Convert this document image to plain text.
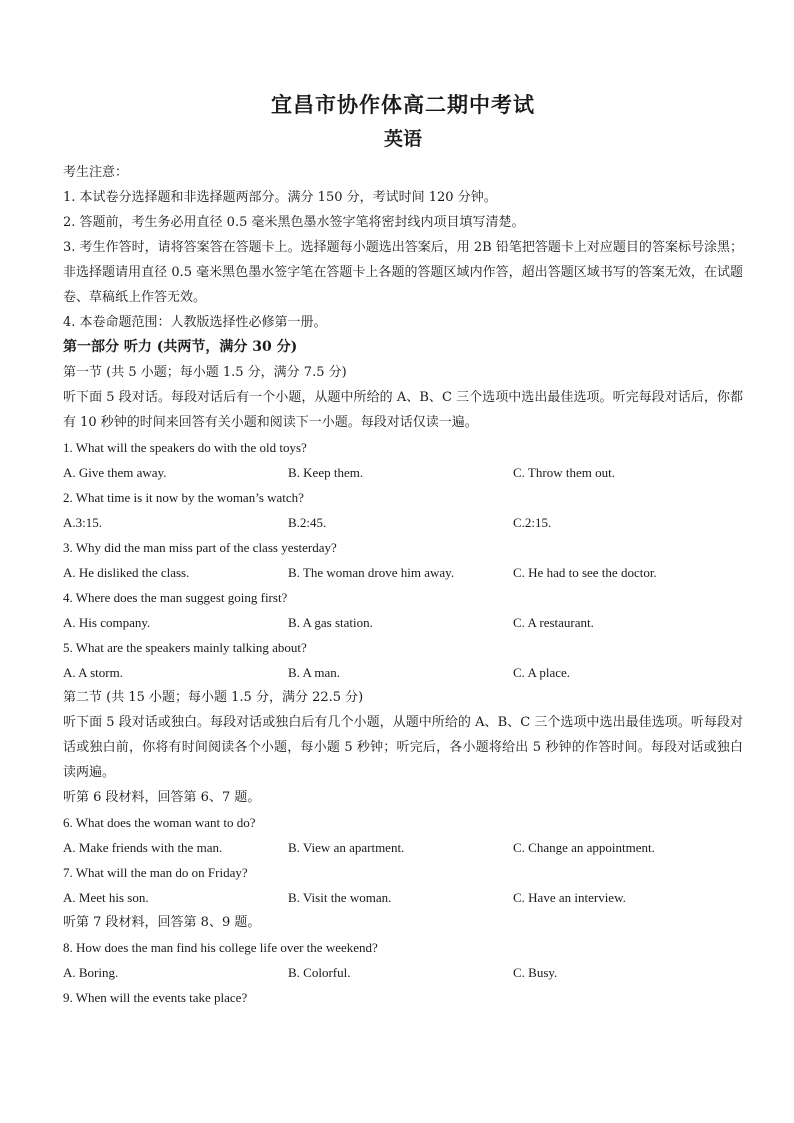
宜昌市协作体高二期中考试
英语
考生注意：
1. 本试卷分选择题和非选择题两部分。满分 150 分，考试时间 120 分钟。
2. 答题前，考生务必用直径 0.5 毫米黑色墨水签字笔将密封线内项目填写清楚。
3. 考生作答时，请将答案答在答题卡上。选择题每小题选出答案后，用 2B 铅笔把答题卡上对应题目的答案标号涂黑；非选择题请用直径 0.5 毫米黑色墨水签字笔在答题卡上各题的答题区域内作答，超出答题区域书写的答案无效，在试题卷、草稿纸上作答无效。
4. 本卷命题范围：人教版选择性必修第一册。
第一部分 听力 (共两节，满分 30 分)
第一节 (共 5 小题；每小题 1.5 分，满分 7.5 分)
听下面 5 段对话。每段对话后有一个小题，从题中所给的 A、B、C 三个选项中选出最佳选项。听完每段对话后，你都有 10 秒钟的时间来回答有关小题和阅读下一小题。每段对话仅读一遍。
1. What will the speakers do with the old toys?
A. Give them away.	B. Keep them.	C. Throw them out.
2. What time is it now by the woman’s watch?
A.3:15.	B.2:45.	C.2:15.
3. Why did the man miss part of the class yesterday?
A. He disliked the class.	B. The woman drove him away.	C. He had to see the doctor.
4. Where does the man suggest going first?
A. His company.	B. A gas station.	C. A restaurant.
5. What are the speakers mainly talking about?
A. A storm.	B. A man.	C. A place.
第二节 (共 15 小题；每小题 1.5 分，满分 22.5 分)
听下面 5 段对话或独白。每段对话或独白后有几个小题，从题中所给的 A、B、C 三个选项中选出最佳选项。听每段对话或独白前，你将有时间阅读各个小题，每小题 5 秒钟；听完后，各小题将给出 5 秒钟的作答时间。每段对话或独白读两遍。
听第 6 段材料，回答第 6、7 题。
6. What does the woman want to do?
A. Make friends with the man.	B. View an apartment.	C. Change an appointment.
7. What will the man do on Friday?
A. Meet his son.	B. Visit the woman.	C. Have an interview.
听第 7 段材料，回答第 8、9 题。
8. How does the man find his college life over the weekend?
A. Boring.	B. Colorful.	C. Busy.
9. When will the events take place?
